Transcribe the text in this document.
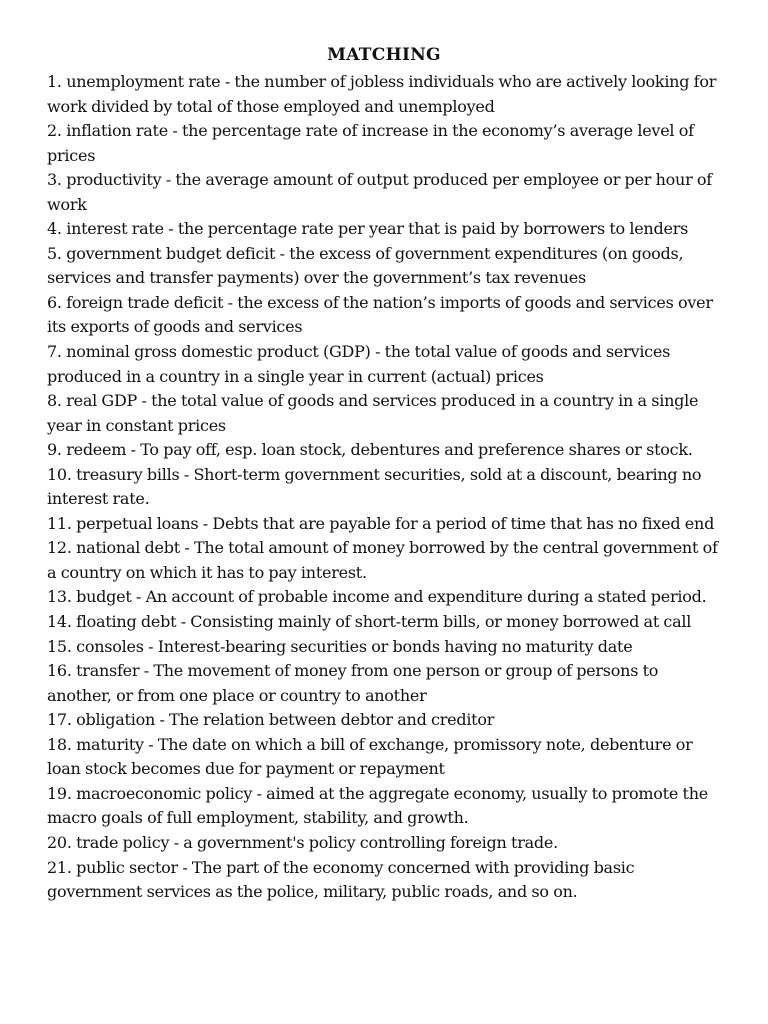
MATCHING

1. unemployment rate - the number of jobless individuals who are actively looking for work divided by total of those employed and unemployed

2. inflation rate - the percentage rate of increase in the economy’s average level of prices

3. productivity - the average amount of output produced per employee or per hour of work

4. interest rate - the percentage rate per year that is paid by borrowers to lenders

5. government budget deficit - the excess of government expenditures (on goods, services and transfer payments) over the government’s tax revenues

6. foreign trade deficit - the excess of the nation’s imports of goods and services over its exports of goods and services

7. nominal gross domestic product (GDP) - the total value of goods and services produced in a country in a single year in current (actual) prices

8. real GDP - the total value of goods and services produced in a country in a single year in constant prices

9. redeem - To pay off, esp. loan stock, debentures and preference shares or stock.

10. treasury bills - Short-term government securities, sold at a discount, bearing no interest rate.

11. perpetual loans - Debts that are payable for a period of time that has no fixed end

12. national debt - The total amount of money borrowed by the central government of a country on which it has to pay interest.

13. budget - An account of probable income and expenditure during a stated period.

14. floating debt - Consisting mainly of short-term bills, or money borrowed at call

15. consoles - Interest-bearing securities or bonds having no maturity date

16. transfer - The movement of money from one person or group of persons to another, or from one place or country to another

17. obligation - The relation between debtor and creditor

18. maturity - The date on which a bill of exchange, promissory note, debenture or loan stock becomes due for payment or repayment

19. macroeconomic policy - aimed at the aggregate economy, usually to promote the macro goals of full employment, stability, and growth.

20. trade policy - a government's policy controlling foreign trade.

21. public sector - The part of the economy concerned with providing basic government services as the police, military, public roads, and so on.
